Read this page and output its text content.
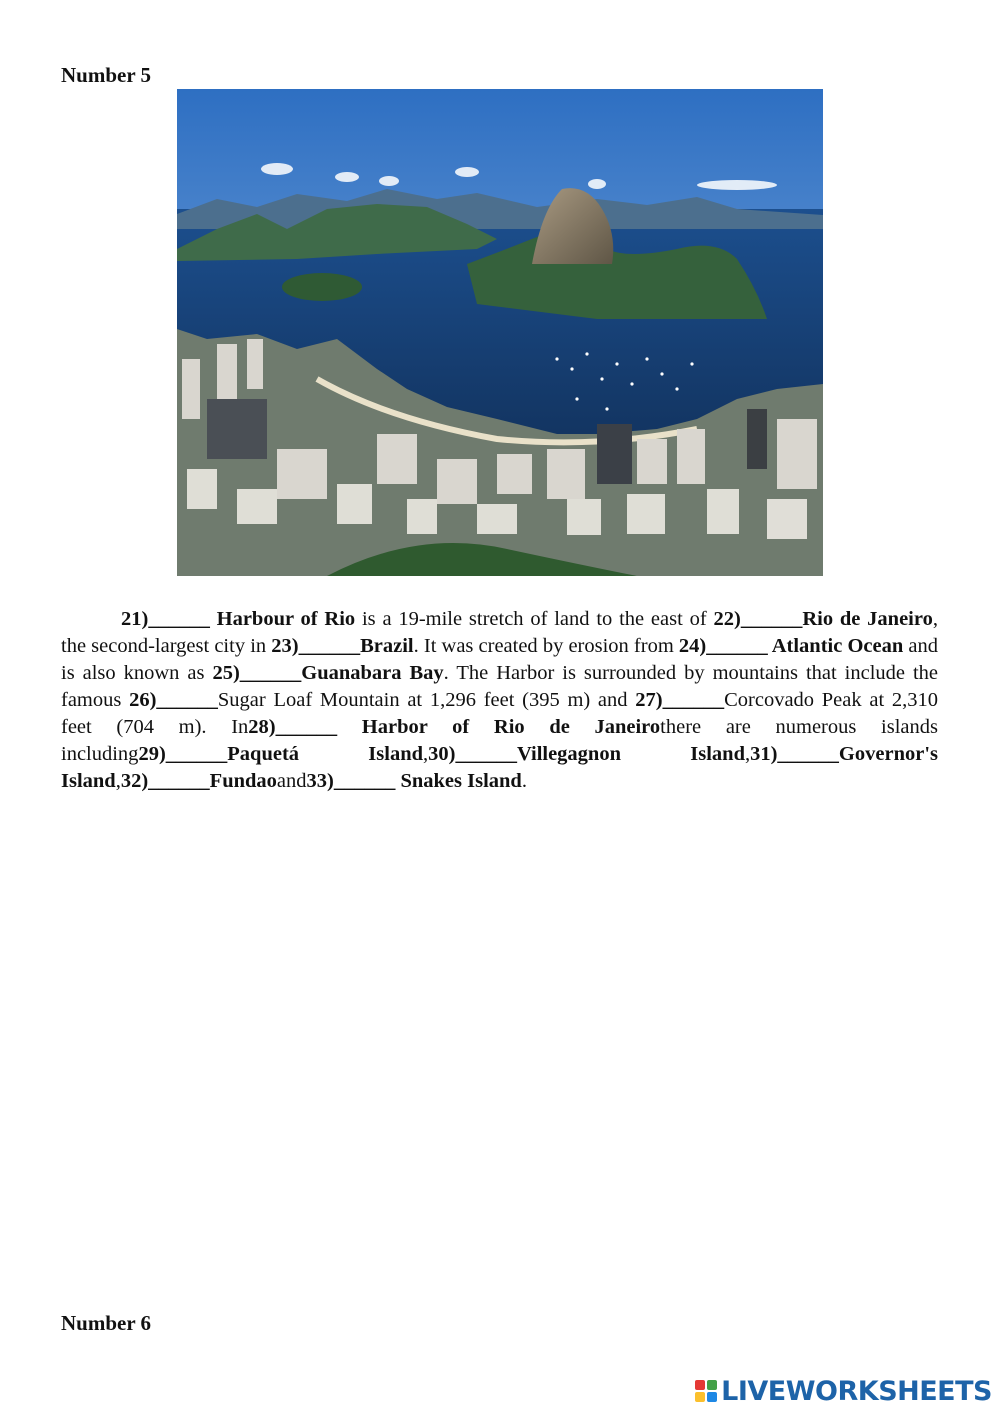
Number 5

21)______ Harbour of Rio is a 19-mile stretch of land to the east of 22)______Rio de Janeiro, the second-largest city in 23)______Brazil. It was created by erosion from 24)______ Atlantic Ocean and is also known as 25)______Guanabara Bay. The Harbor is surrounded by mountains that include the famous 26)______Sugar Loaf Mountain at 1,296 feet (395 m) and 27)______Corcovado Peak at 2,310 feet (704 m). In28)______ Harbor of Rio de Janeirothere are numerous islands including29)______Paquetá Island,30)______Villegagnon Island,31)______Governor's Island,32)______Fundaoand33)______ Snakes Island.

Number 6
LIVEWORKSHEETS
